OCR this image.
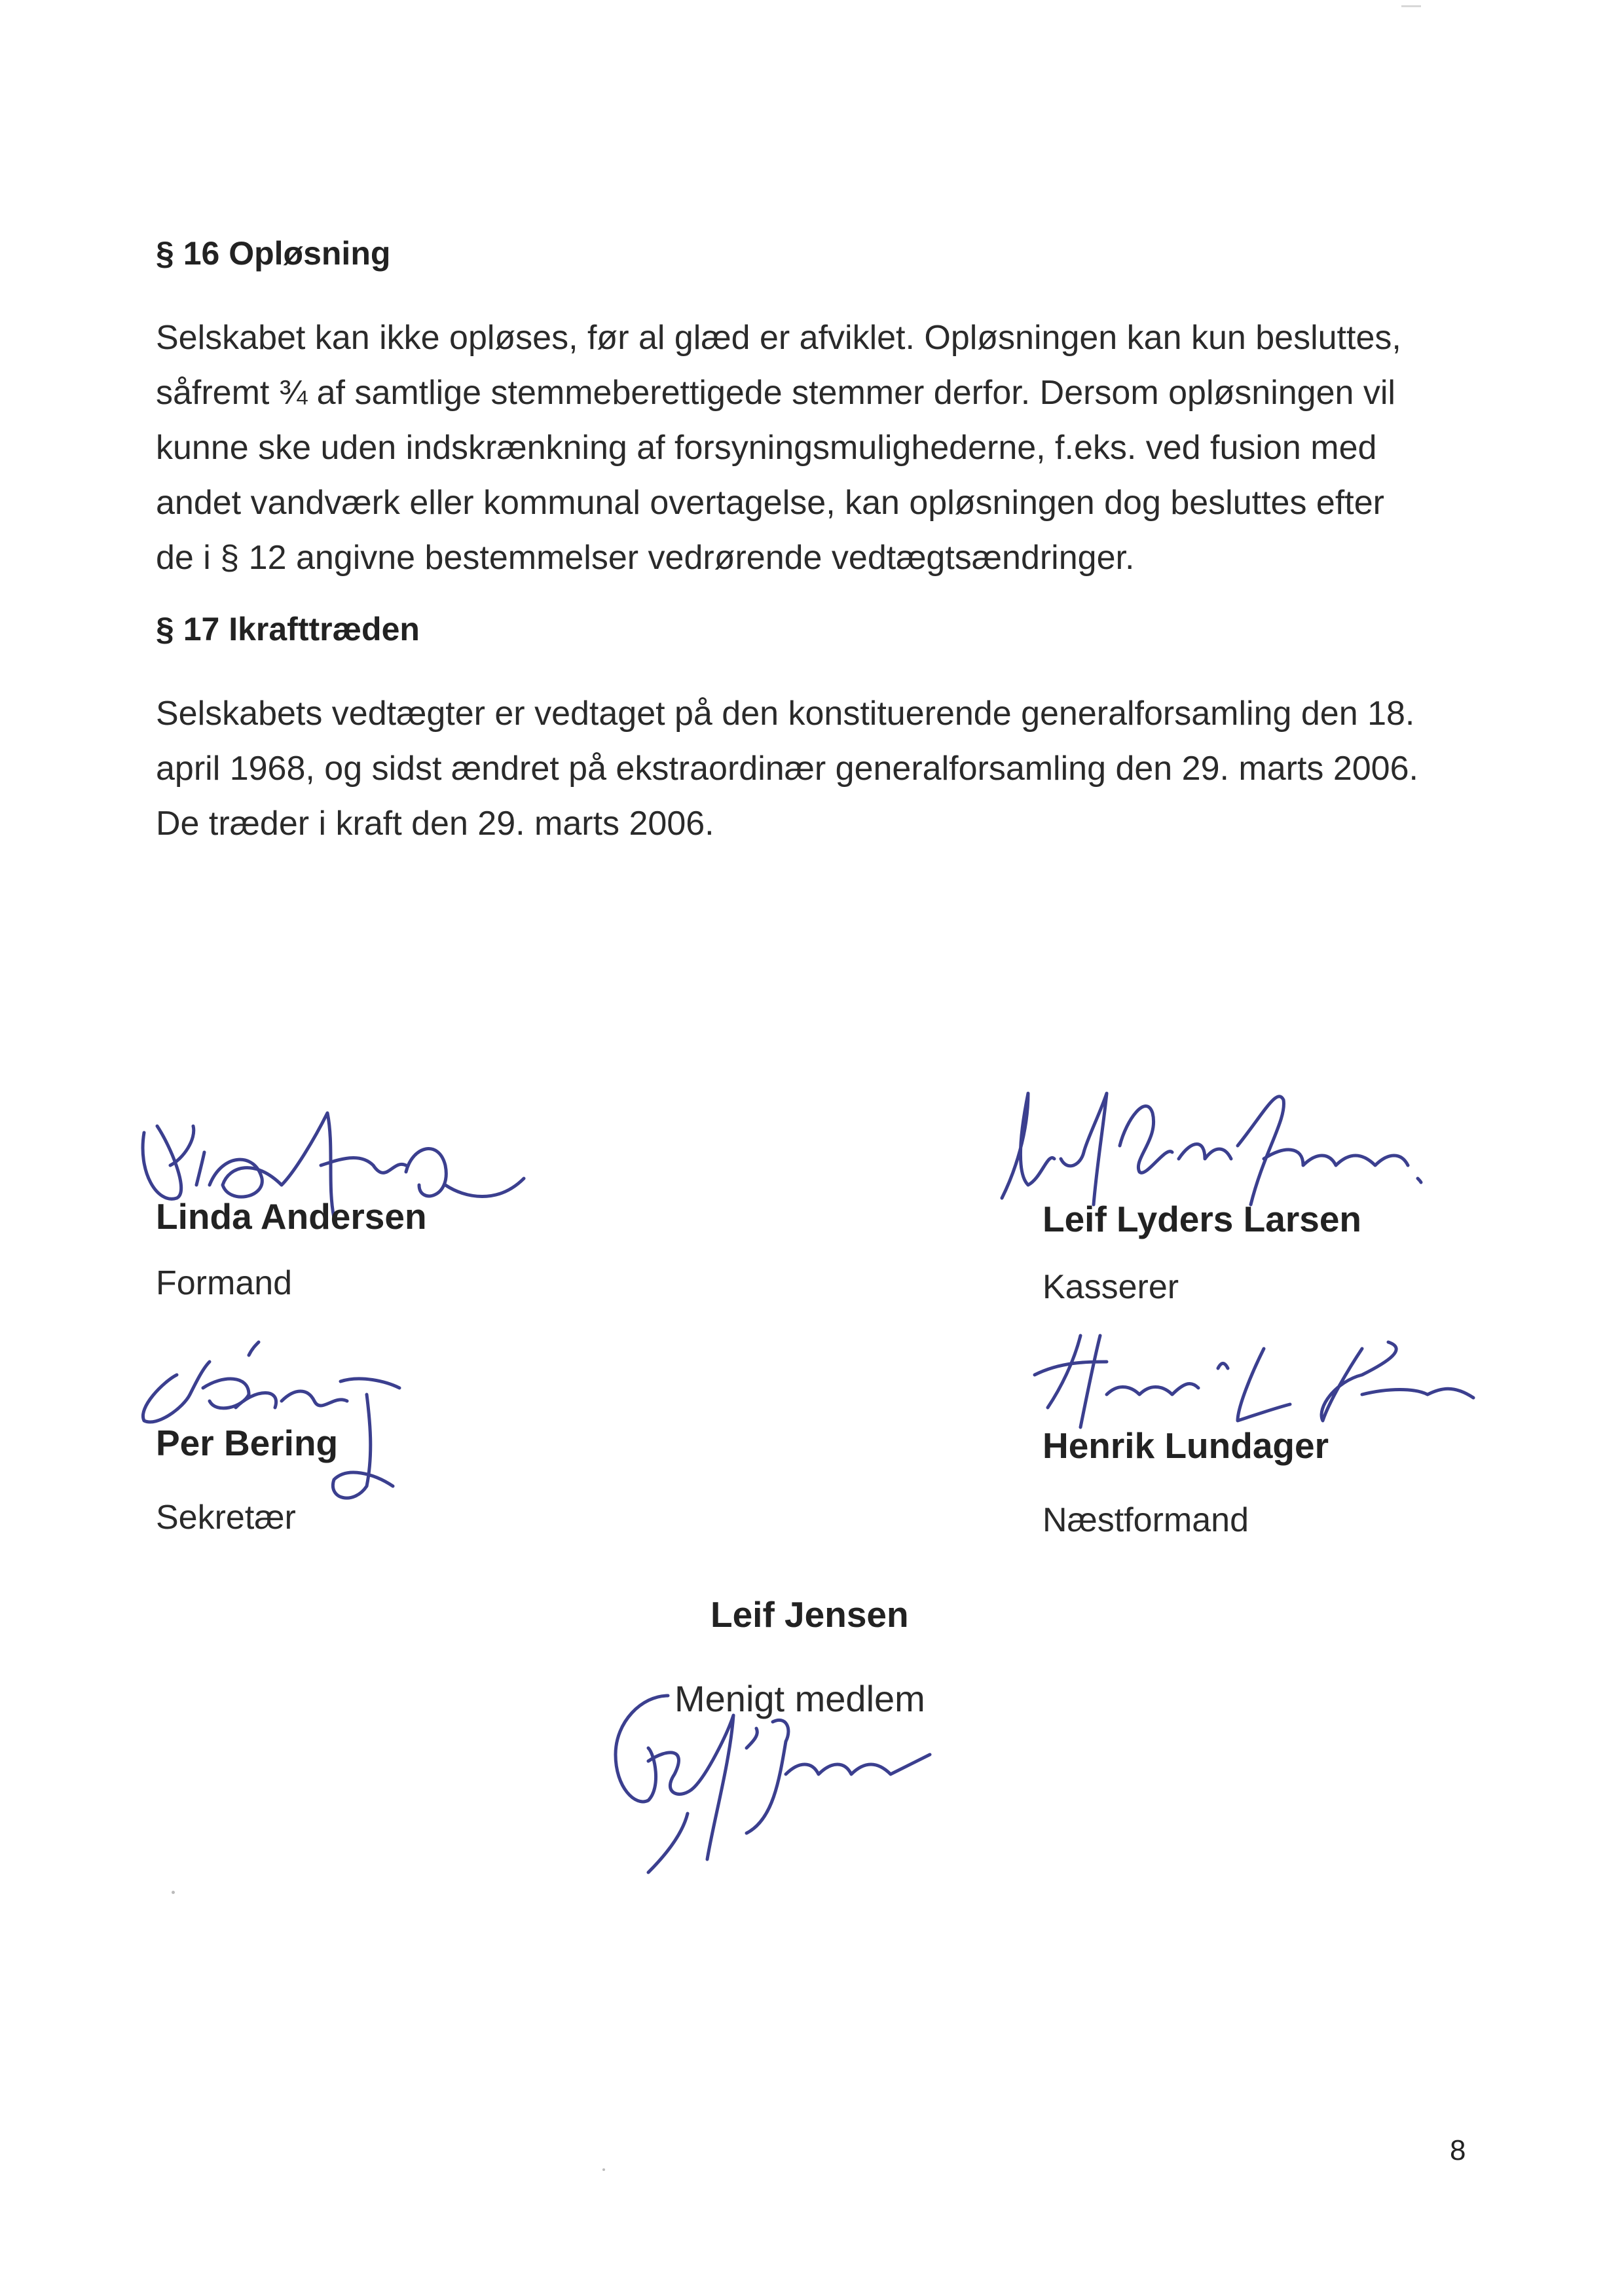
§ 16 Opløsning

Selskabet kan ikke opløses, før al glæd er afviklet. Opløsningen kan kun besluttes,
såfremt ¾ af samtlige stemmeberettigede stemmer derfor. Dersom opløsningen vil
kunne ske uden indskrænkning af forsyningsmulighederne, f.eks. ved fusion med
andet vandværk eller kommunal overtagelse, kan opløsningen dog besluttes efter
de i § 12 angivne bestemmelser vedrørende vedtægtsændringer.

§ 17 Ikrafttræden

Selskabets vedtægter er vedtaget på den konstituerende generalforsamling den 18.
april 1968, og sidst ændret på ekstraordinær generalforsamling den 29. marts 2006.
De træder i kraft den 29. marts 2006.

Linda Andersen
Formand
Leif Lyders Larsen
Kasserer
Per Bering
Sekretær
Henrik Lundager
Næstformand
Leif Jensen
Menigt medlem
8
